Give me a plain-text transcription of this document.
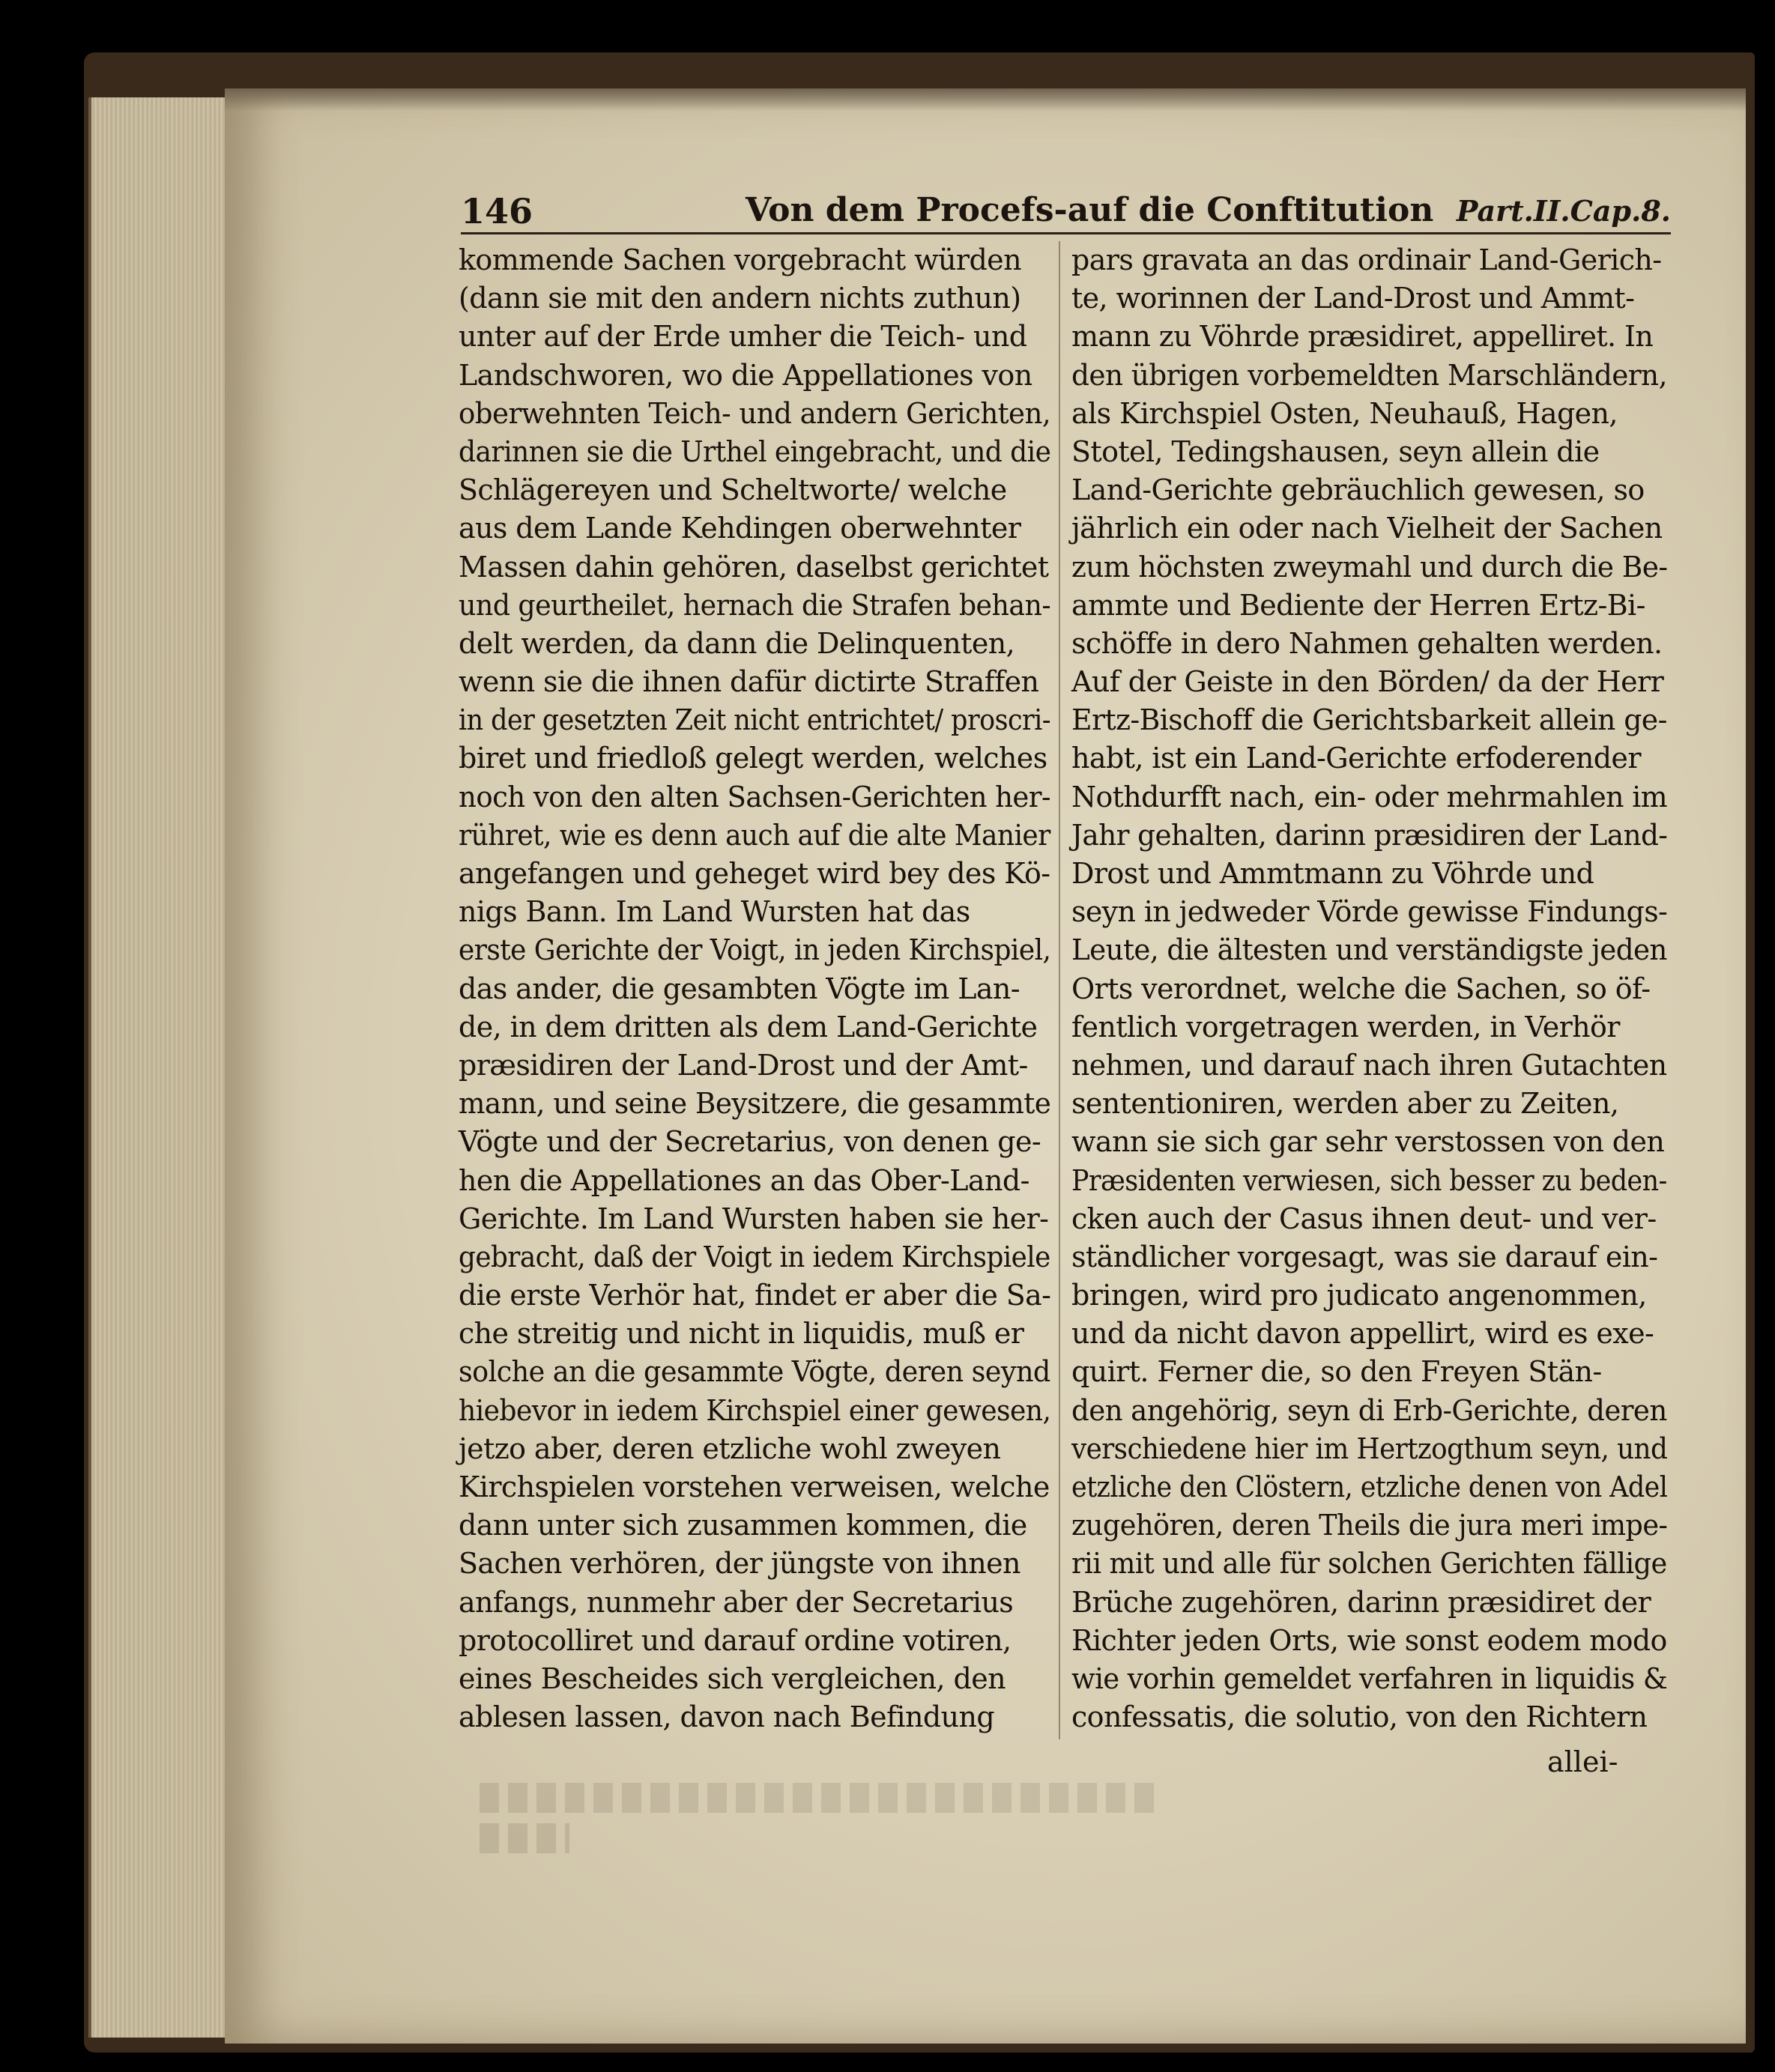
146	Von dem Procefs-auf die Conftitution Part.II.Cap.8.
kommende Sachen vorgebracht würden
(dann sie mit den andern nichts zuthun)
unter auf der Erde umher die Teich- und
Landschworen, wo die Appellationes von
oberwehnten Teich- und andern Gerichten,
darinnen sie die Urthel eingebracht, und die
Schlägereyen und Scheltworte/ welche
aus dem Lande Kehdingen oberwehnter
Massen dahin gehören, daselbst gerichtet
und geurtheilet, hernach die Strafen behan-
delt werden, da dann die Delinquenten,
wenn sie die ihnen dafür dictirte Straffen
in der gesetzten Zeit nicht entrichtet/ proscri-
biret und friedloß gelegt werden, welches
noch von den alten Sachsen-Gerichten her-
rühret, wie es denn auch auf die alte Manier
angefangen und geheget wird bey des Kö-
nigs Bann. Im Land Wursten hat das
erste Gerichte der Voigt, in jeden Kirchspiel,
das ander, die gesambten Vögte im Lan-
de, in dem dritten als dem Land-Gerichte
præsidiren der Land-Drost und der Amt-
mann, und seine Beysitzere, die gesammte
Vögte und der Secretarius, von denen ge-
hen die Appellationes an das Ober-Land-
Gerichte. Im Land Wursten haben sie her-
gebracht, daß der Voigt in iedem Kirchspiele
die erste Verhör hat, findet er aber die Sa-
che streitig und nicht in liquidis, muß er
solche an die gesammte Vögte, deren seynd
hiebevor in iedem Kirchspiel einer gewesen,
jetzo aber, deren etzliche wohl zweyen
Kirchspielen vorstehen verweisen, welche
dann unter sich zusammen kommen, die
Sachen verhören, der jüngste von ihnen
anfangs, nunmehr aber der Secretarius
protocolliret und darauf ordine votiren,
eines Bescheides sich vergleichen, den
ablesen lassen, davon nach Befindung
pars gravata an das ordinair Land-Gerich-
te, worinnen der Land-Drost und Ammt-
mann zu Vöhrde præsidiret, appelliret. In
den übrigen vorbemeldten Marschländern,
als Kirchspiel Osten, Neuhauß, Hagen,
Stotel, Tedingshausen, seyn allein die
Land-Gerichte gebräuchlich gewesen, so
jährlich ein oder nach Vielheit der Sachen
zum höchsten zweymahl und durch die Be-
ammte und Bediente der Herren Ertz-Bi-
schöffe in dero Nahmen gehalten werden.
Auf der Geiste in den Börden/ da der Herr
Ertz-Bischoff die Gerichtsbarkeit allein ge-
habt, ist ein Land-Gerichte erfoderender
Nothdurfft nach, ein- oder mehrmahlen im
Jahr gehalten, darinn præsidiren der Land-
Drost und Ammtmann zu Vöhrde und
seyn in jedweder Vörde gewisse Findungs-
Leute, die ältesten und verständigste jeden
Orts verordnet, welche die Sachen, so öf-
fentlich vorgetragen werden, in Verhör
nehmen, und darauf nach ihren Gutachten
sententioniren, werden aber zu Zeiten,
wann sie sich gar sehr verstossen von den
Præsidenten verwiesen, sich besser zu beden-
cken auch der Casus ihnen deut- und ver-
ständlicher vorgesagt, was sie darauf ein-
bringen, wird pro judicato angenommen,
und da nicht davon appellirt, wird es exe-
quirt. Ferner die, so den Freyen Stän-
den angehörig, seyn di Erb-Gerichte, deren
verschiedene hier im Hertzogthum seyn, und
etzliche den Clöstern, etzliche denen von Adel
zugehören, deren Theils die jura meri impe-
rii mit und alle für solchen Gerichten fällige
Brüche zugehören, darinn præsidiret der
Richter jeden Orts, wie sonst eodem modo
wie vorhin gemeldet verfahren in liquidis &
confessatis, die solutio, von den Richtern
allei-
